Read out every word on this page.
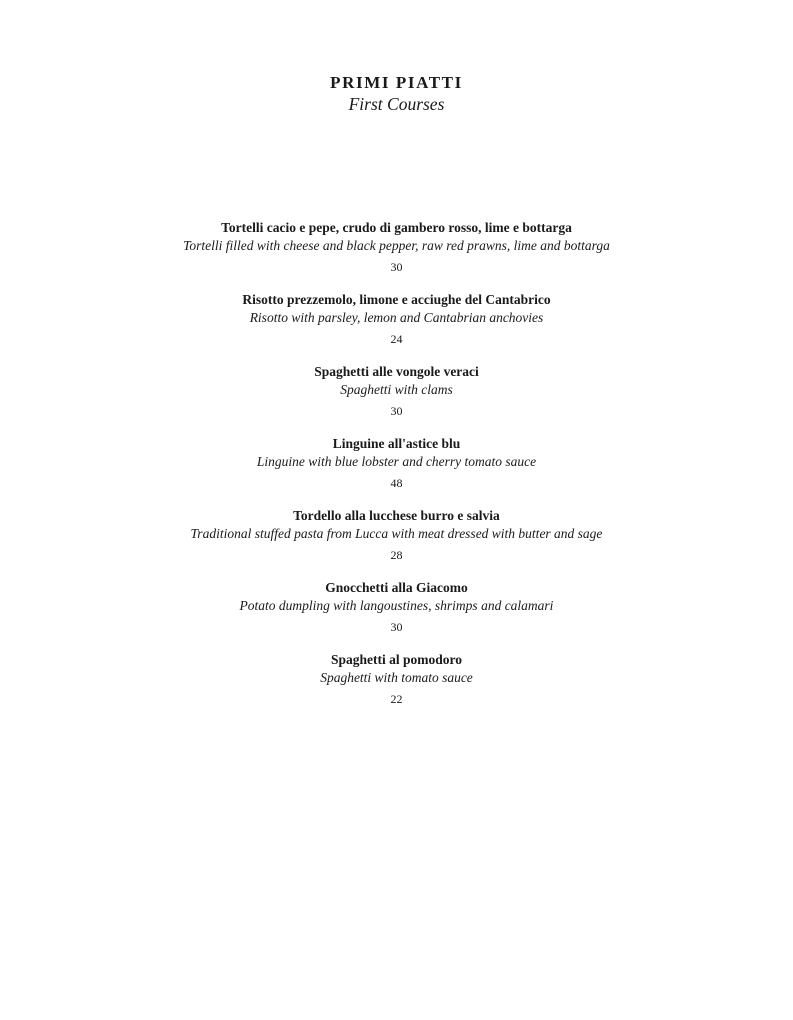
PRIMI PIATTI
First Courses
Tortelli cacio e pepe, crudo di gambero rosso, lime e bottarga
Tortelli filled with cheese and black pepper, raw red prawns, lime and bottarga
30
Risotto prezzemolo, limone e acciughe del Cantabrico
Risotto with parsley, lemon and Cantabrian anchovies
24
Spaghetti alle vongole veraci
Spaghetti with clams
30
Linguine all'astice blu
Linguine with blue lobster and cherry tomato sauce
48
Tordello alla lucchese burro e salvia
Traditional stuffed pasta from Lucca with meat dressed with butter and sage
28
Gnocchetti alla Giacomo
Potato dumpling with langoustines, shrimps and calamari
30
Spaghetti al pomodoro
Spaghetti with tomato sauce
22
